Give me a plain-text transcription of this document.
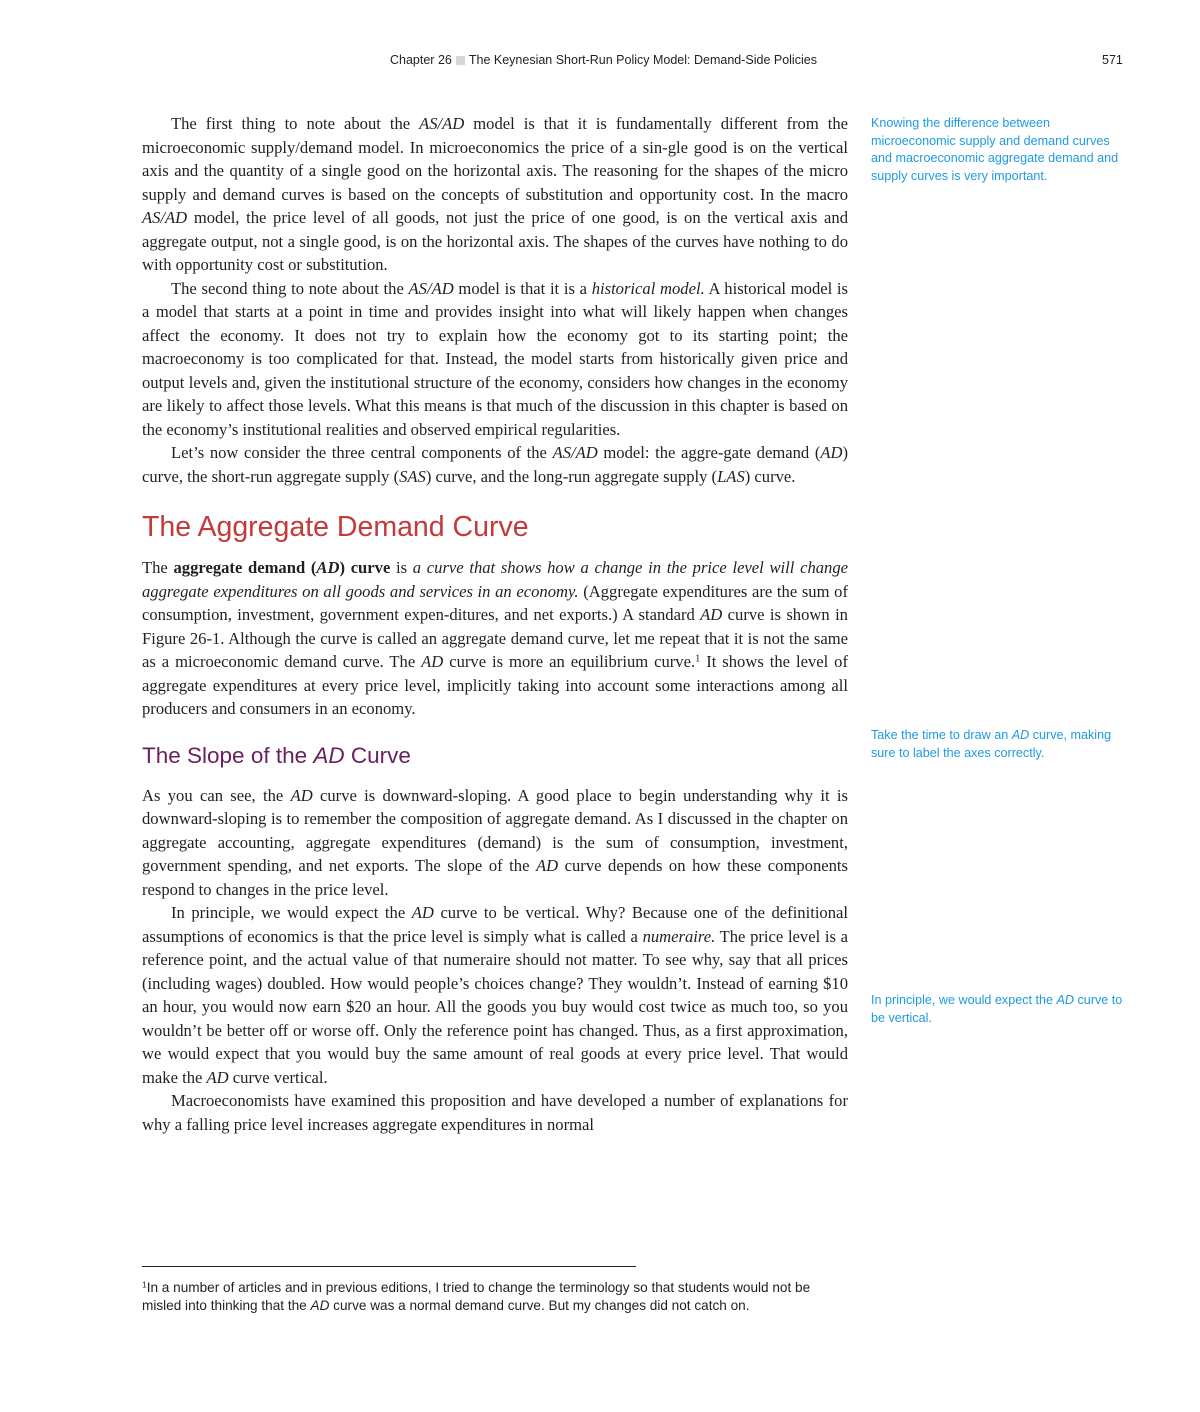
Chapter 26 The Keynesian Short-Run Policy Model: Demand-Side Policies	571

The first thing to note about the AS/AD model is that it is fundamentally different from the microeconomic supply/demand model. In microeconomics the price of a sin-gle good is on the vertical axis and the quantity of a single good on the horizontal axis. The reasoning for the shapes of the micro supply and demand curves is based on the concepts of substitution and opportunity cost. In the macro AS/AD model, the price level of all goods, not just the price of one good, is on the vertical axis and aggregate output, not a single good, is on the horizontal axis. The shapes of the curves have nothing to do with opportunity cost or substitution.

The second thing to note about the AS/AD model is that it is a historical model. A historical model is a model that starts at a point in time and provides insight into what will likely happen when changes affect the economy. It does not try to explain how the economy got to its starting point; the macroeconomy is too complicated for that. Instead, the model starts from historically given price and output levels and, given the institutional structure of the economy, considers how changes in the economy are likely to affect those levels. What this means is that much of the discussion in this chapter is based on the economy’s institutional realities and observed empirical regularities.

Let’s now consider the three central components of the AS/AD model: the aggre-gate demand (AD) curve, the short-run aggregate supply (SAS) curve, and the long-run aggregate supply (LAS) curve.

The Aggregate Demand Curve

The aggregate demand (AD) curve is a curve that shows how a change in the price level will change aggregate expenditures on all goods and services in an economy. (Aggregate expenditures are the sum of consumption, investment, government expen-ditures, and net exports.) A standard AD curve is shown in Figure 26-1. Although the curve is called an aggregate demand curve, let me repeat that it is not the same as a microeconomic demand curve. The AD curve is more an equilibrium curve.$^1$ It shows the level of aggregate expenditures at every price level, implicitly taking into account some interactions among all producers and consumers in an economy.

The Slope of the AD Curve

As you can see, the AD curve is downward-sloping. A good place to begin understanding why it is downward-sloping is to remember the composition of aggregate demand. As I discussed in the chapter on aggregate accounting, aggregate expenditures (demand) is the sum of consumption, investment, government spending, and net exports. The slope of the AD curve depends on how these components respond to changes in the price level.

In principle, we would expect the AD curve to be vertical. Why? Because one of the definitional assumptions of economics is that the price level is simply what is called a numeraire. The price level is a reference point, and the actual value of that numeraire should not matter. To see why, say that all prices (including wages) doubled. How would people’s choices change? They wouldn’t. Instead of earning $10 an hour, you would now earn $20 an hour. All the goods you buy would cost twice as much too, so you wouldn’t be better off or worse off. Only the reference point has changed. Thus, as a first approximation, we would expect that you would buy the same amount of real goods at every price level. That would make the AD curve vertical.

Macroeconomists have examined this proposition and have developed a number of explanations for why a falling price level increases aggregate expenditures in normal

Knowing the difference between microeconomic supply and demand curves and macroeconomic aggregate demand and supply curves is very important.
Take the time to draw an AD curve, making sure to label the axes correctly.
In principle, we would expect the AD curve to be vertical.
$^1$In a number of articles and in previous editions, I tried to change the terminology so that students would not be misled into thinking that the AD curve was a normal demand curve. But my changes did not catch on.
